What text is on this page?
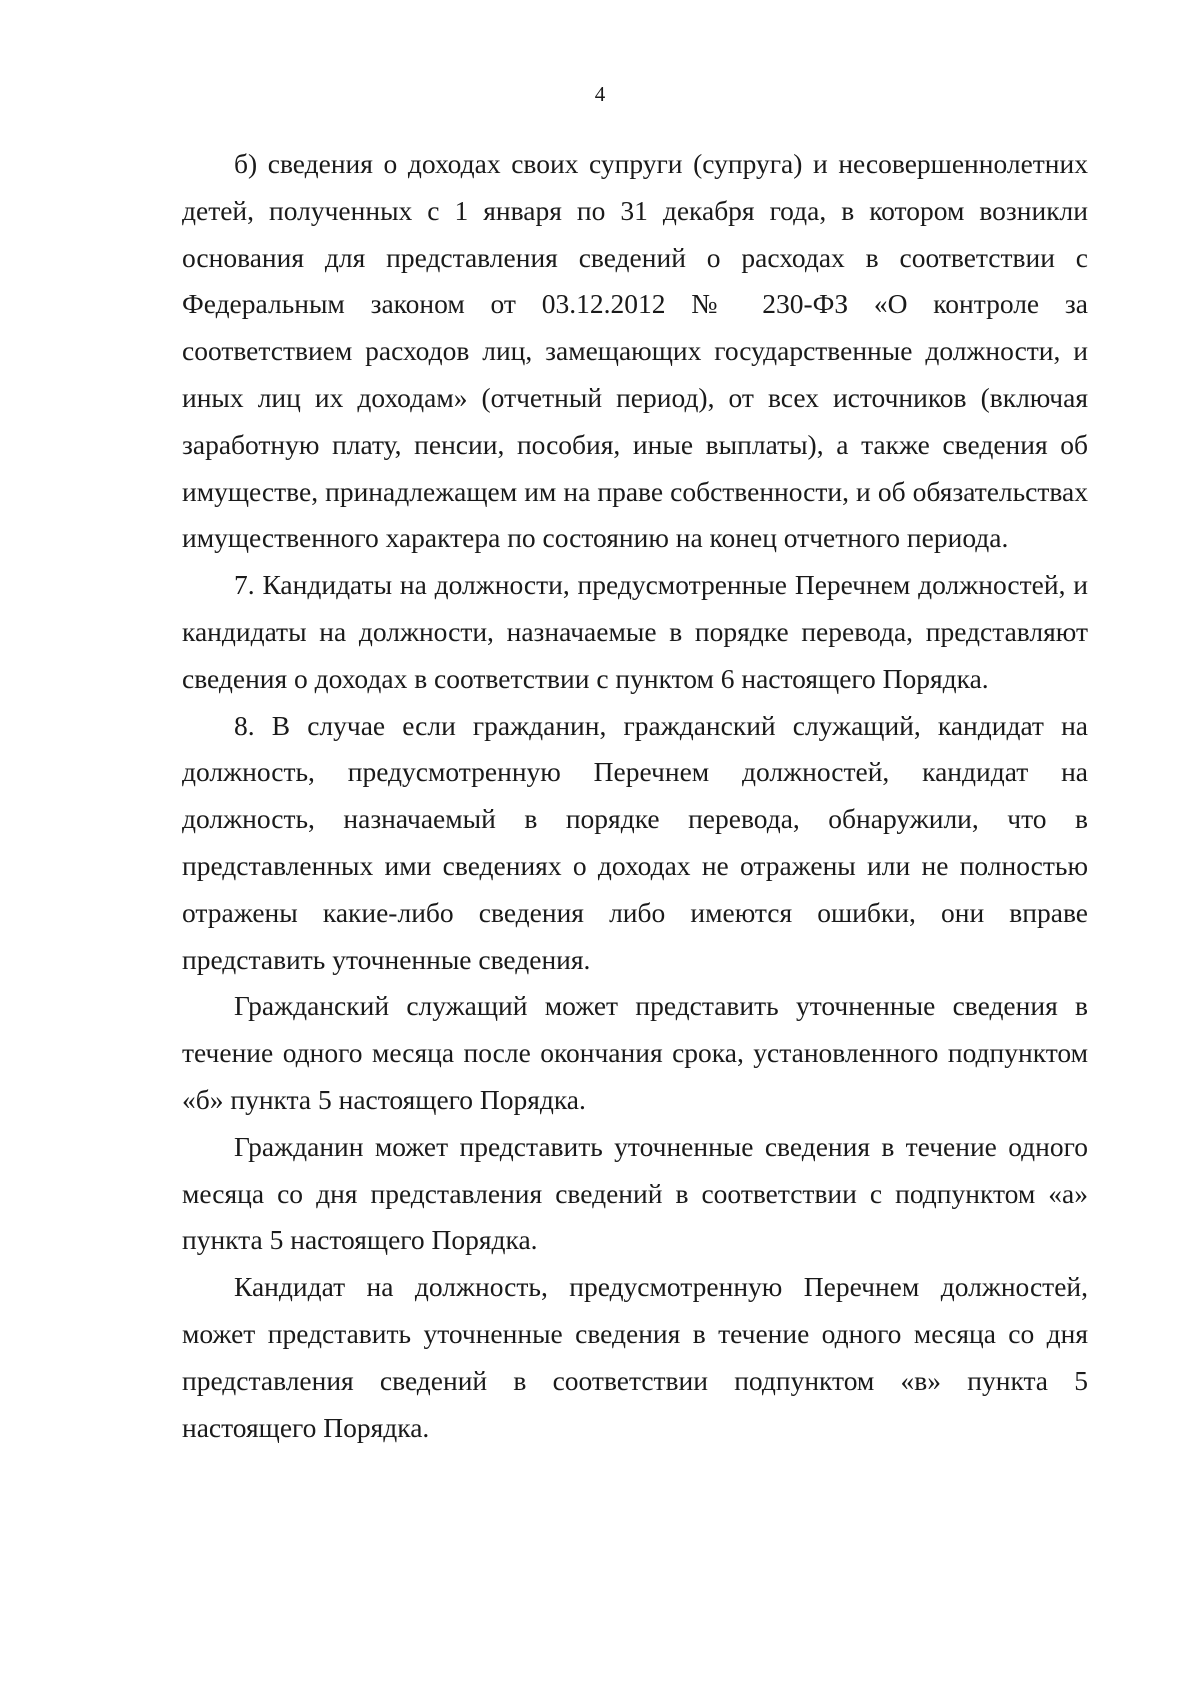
4

б) сведения о доходах своих супруги (супруга) и несовершеннолетних детей, полученных с 1 января по 31 декабря года, в котором возникли основания для представления сведений о расходах в соответствии с Федеральным законом от 03.12.2012 № 230-ФЗ «О контроле за соответствием расходов лиц, замещающих государственные должности, и иных лиц их доходам» (отчетный период), от всех источников (включая заработную плату, пенсии, пособия, иные выплаты), а также сведения об имуществе, принадлежащем им на праве собственности, и об обязательствах имущественного характера по состоянию на конец отчетного периода.

7. Кандидаты на должности, предусмотренные Перечнем должностей, и кандидаты на должности, назначаемые в порядке перевода, представляют сведения о доходах в соответствии с пунктом 6 настоящего Порядка.

8. В случае если гражданин, гражданский служащий, кандидат на должность, предусмотренную Перечнем должностей, кандидат на должность, назначаемый в порядке перевода, обнаружили, что в представленных ими сведениях о доходах не отражены или не полностью отражены какие-либо сведения либо имеются ошибки, они вправе представить уточненные сведения.

Гражданский служащий может представить уточненные сведения в течение одного месяца после окончания срока, установленного подпунктом «б» пункта 5 настоящего Порядка.

Гражданин может представить уточненные сведения в течение одного месяца со дня представления сведений в соответствии с подпунктом «а» пункта 5 настоящего Порядка.

Кандидат на должность, предусмотренную Перечнем должностей, может представить уточненные сведения в течение одного месяца со дня представления сведений в соответствии подпунктом «в» пункта 5 настоящего Порядка.
